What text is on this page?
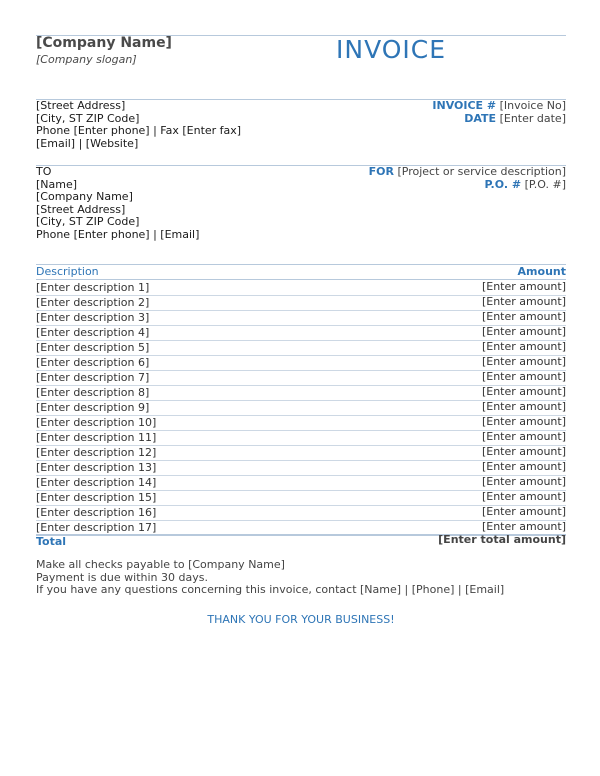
[Company Name]
[Company slogan]	INVOICE
[Street Address]
[City, ST ZIP Code]
Phone [Enter phone] | Fax [Enter fax]
[Email] | [Website]
INVOICE # [Invoice No]
DATE [Enter date]
TO
[Name]
[Company Name]
[Street Address]
[City, ST ZIP Code]
Phone [Enter phone] | [Email]
FOR [Project or service description]
P.O. # [P.O. #]
Description	Amount
[Enter description 1]	[Enter amount]
[Enter description 2]	[Enter amount]
[Enter description 3]	[Enter amount]
[Enter description 4]	[Enter amount]
[Enter description 5]	[Enter amount]
[Enter description 6]	[Enter amount]
[Enter description 7]	[Enter amount]
[Enter description 8]	[Enter amount]
[Enter description 9]	[Enter amount]
[Enter description 10]	[Enter amount]
[Enter description 11]	[Enter amount]
[Enter description 12]	[Enter amount]
[Enter description 13]	[Enter amount]
[Enter description 14]	[Enter amount]
[Enter description 15]	[Enter amount]
[Enter description 16]	[Enter amount]
[Enter description 17]	[Enter amount]
Total	[Enter total amount]
Make all checks payable to [Company Name]
Payment is due within 30 days.
If you have any questions concerning this invoice, contact [Name] | [Phone] | [Email]
THANK YOU FOR YOUR BUSINESS!
